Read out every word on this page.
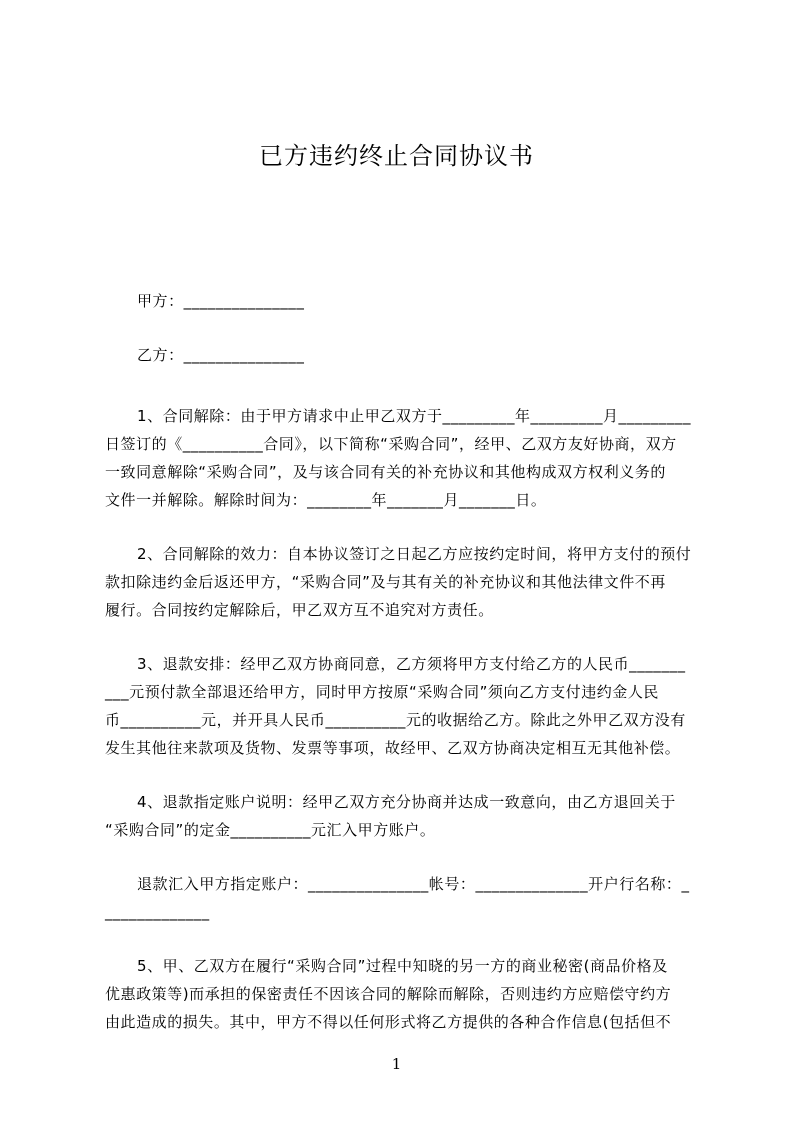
已方违约终止合同协议书
甲方：_______________
乙方：_______________
1、合同解除：由于甲方请求中止甲乙双方于_________年_________月_________
日签订的《__________合同》，以下简称“采购合同”，经甲、乙双方友好协商，双方
一致同意解除“采购合同”，及与该合同有关的补充协议和其他构成双方权利义务的
文件一并解除。解除时间为：________年_______月_______日。
2、合同解除的效力：自本协议签订之日起乙方应按约定时间，将甲方支付的预付
款扣除违约金后返还甲方，“采购合同”及与其有关的补充协议和其他法律文件不再
履行。合同按约定解除后，甲乙双方互不追究对方责任。
3、退款安排：经甲乙双方协商同意，乙方须将甲方支付给乙方的人民币_______
___元预付款全部退还给甲方，同时甲方按原“采购合同”须向乙方支付违约金人民
币__________元，并开具人民币__________元的收据给乙方。除此之外甲乙双方没有
发生其他往来款项及货物、发票等事项，故经甲、乙双方协商决定相互无其他补偿。
4、退款指定账户说明：经甲乙双方充分协商并达成一致意向，由乙方退回关于
“采购合同”的定金__________元汇入甲方账户。
退款汇入甲方指定账户：_______________帐号：______________开户行名称：_
_____________
5、甲、乙双方在履行“采购合同”过程中知晓的另一方的商业秘密(商品价格及
优惠政策等)而承担的保密责任不因该合同的解除而解除，否则违约方应赔偿守约方
由此造成的损失。其中，甲方不得以任何形式将乙方提供的各种合作信息(包括但不
1
